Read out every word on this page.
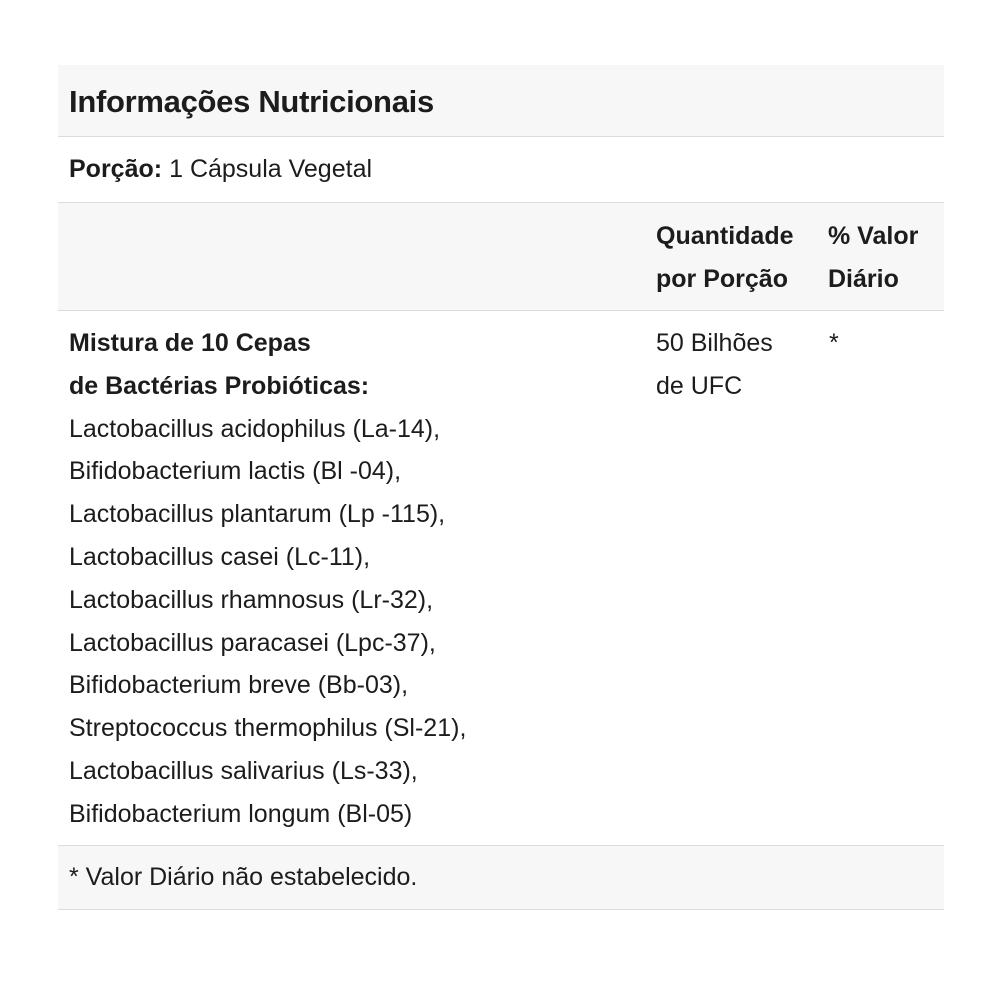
Informações Nutricionais
Porção: 1 Cápsula Vegetal
Quantidade
por Porção
% Valor
Diário
Mistura de 10 Cepas
de Bactérias Probióticas:
Lactobacillus acidophilus (La-14),
Bifidobacterium lactis (Bl -04),
Lactobacillus plantarum (Lp -115),
Lactobacillus casei (Lc-11),
Lactobacillus rhamnosus (Lr-32),
Lactobacillus paracasei (Lpc-37),
Bifidobacterium breve (Bb-03),
Streptococcus thermophilus (Sl-21),
Lactobacillus salivarius (Ls-33),
Bifidobacterium longum (Bl-05)
50 Bilhões
de UFC
*
* Valor Diário não estabelecido.
